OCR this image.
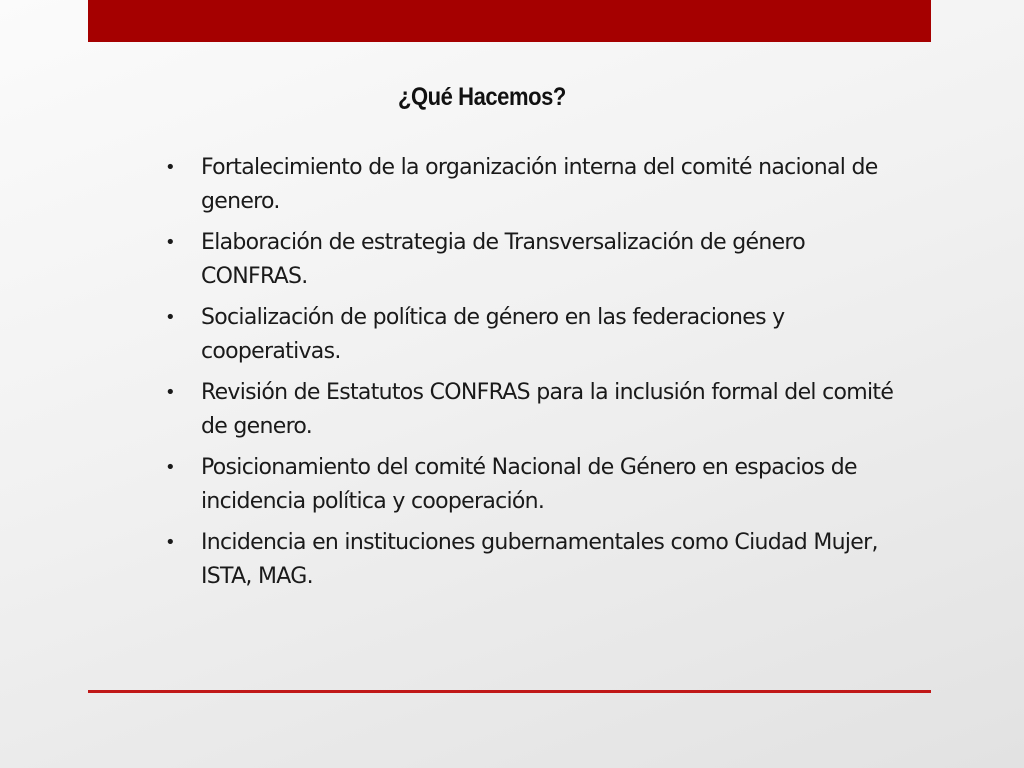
¿Qué Hacemos?
• Fortalecimiento de la organización interna del comité nacional de genero.
• Elaboración de estrategia de Transversalización de género CONFRAS.
• Socialización de política de género en las federaciones y cooperativas.
• Revisión de Estatutos CONFRAS para la inclusión formal del comité de genero.
• Posicionamiento del comité Nacional de Género en espacios de incidencia política y cooperación.
• Incidencia en instituciones gubernamentales como Ciudad Mujer, ISTA, MAG.
